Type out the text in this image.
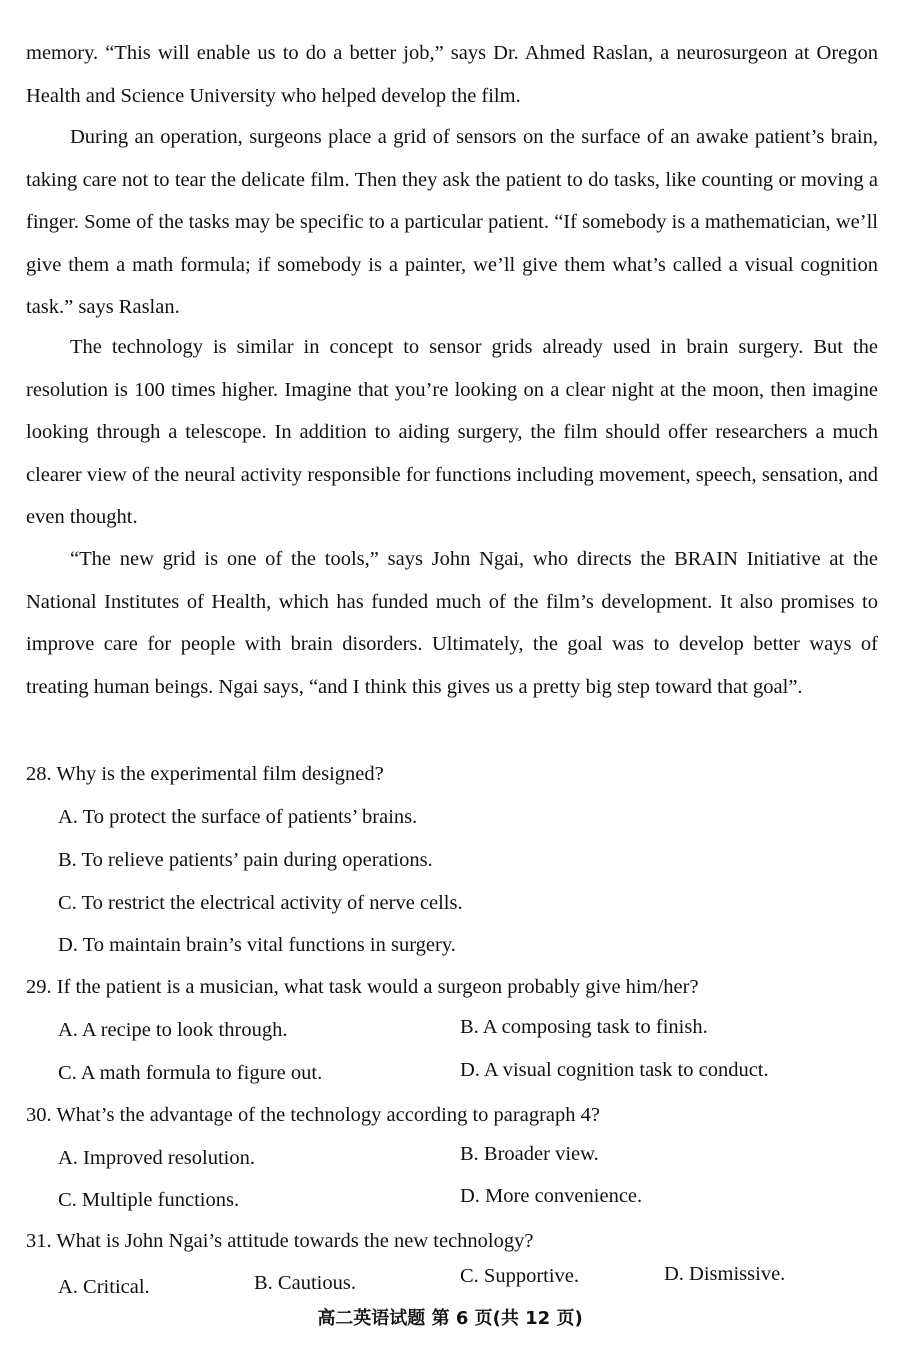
memory. “This will enable us to do a better job,” says Dr. Ahmed Raslan, a neurosurgeon at Oregon Health and Science University who helped develop the film.

During an operation, surgeons place a grid of sensors on the surface of an awake patient’s brain, taking care not to tear the delicate film. Then they ask the patient to do tasks, like counting or moving a finger. Some of the tasks may be specific to a particular patient. “If somebody is a mathematician, we’ll give them a math formula; if somebody is a painter, we’ll give them what’s called a visual cognition task.” says Raslan.

The technology is similar in concept to sensor grids already used in brain surgery. But the resolution is 100 times higher. Imagine that you’re looking on a clear night at the moon, then imagine looking through a telescope. In addition to aiding surgery, the film should offer researchers a much clearer view of the neural activity responsible for functions including movement, speech, sensation, and even thought.

“The new grid is one of the tools,” says John Ngai, who directs the BRAIN Initiative at the National Institutes of Health, which has funded much of the film’s development. It also promises to improve care for people with brain disorders. Ultimately, the goal was to develop better ways of treating human beings. Ngai says, “and I think this gives us a pretty big step toward that goal”.

28. Why is the experimental film designed?
A. To protect the surface of patients’ brains.
B. To relieve patients’ pain during operations.
C. To restrict the electrical activity of nerve cells.
D. To maintain brain’s vital functions in surgery.
29. If the patient is a musician, what task would a surgeon probably give him/her?
A. A recipe to look through.	B. A composing task to finish.
C. A math formula to figure out.	D. A visual cognition task to conduct.
30. What’s the advantage of the technology according to paragraph 4?
A. Improved resolution.	B. Broader view.
C. Multiple functions.	D. More convenience.
31. What is John Ngai’s attitude towards the new technology?
A. Critical.	B. Cautious.	C. Supportive.	D. Dismissive.
高二英语试题 第 6 页(共 12 页)
